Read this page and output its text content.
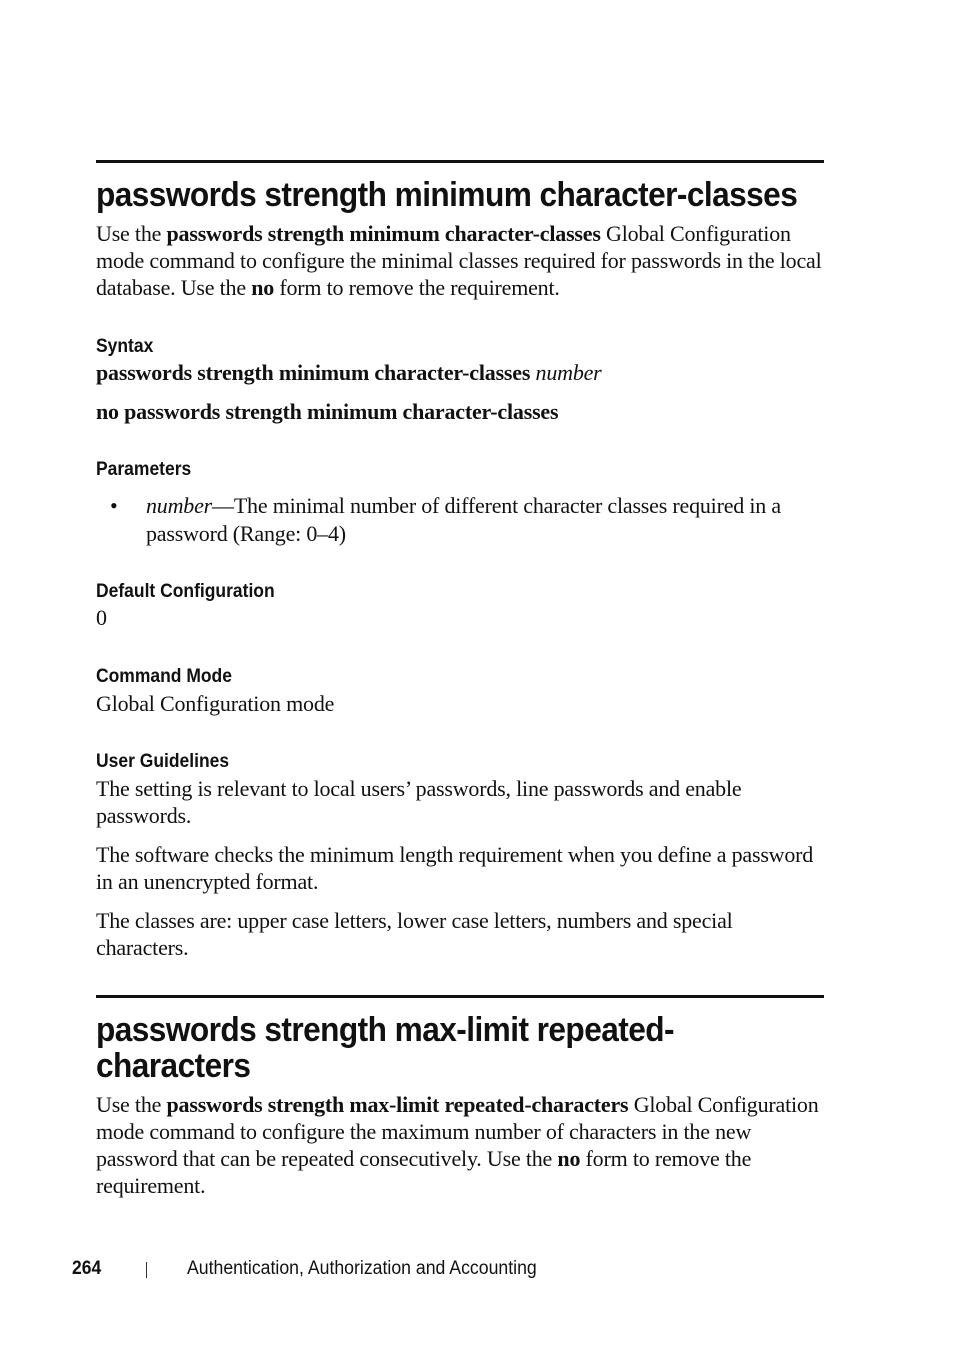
passwords strength minimum character-classes

Use the passwords strength minimum character-classes Global Configuration mode command to configure the minimal classes required for passwords in the local database. Use the no form to remove the requirement.

Syntax

passwords strength minimum character-classes number

no passwords strength minimum character-classes

Parameters
• number—The minimal number of different character classes required in a password (Range: 0–4)

Default Configuration

0

Command Mode

Global Configuration mode

User Guidelines

The setting is relevant to local users’ passwords, line passwords and enable passwords.

The software checks the minimum length requirement when you define a password in an unencrypted format.

The classes are: upper case letters, lower case letters, numbers and special characters.

passwords strength max-limit repeated-
characters

Use the passwords strength max-limit repeated-characters Global Configuration mode command to configure the maximum number of characters in the new password that can be repeated consecutively. Use the no form to remove the requirement.

264	Authentication, Authorization and Accounting
